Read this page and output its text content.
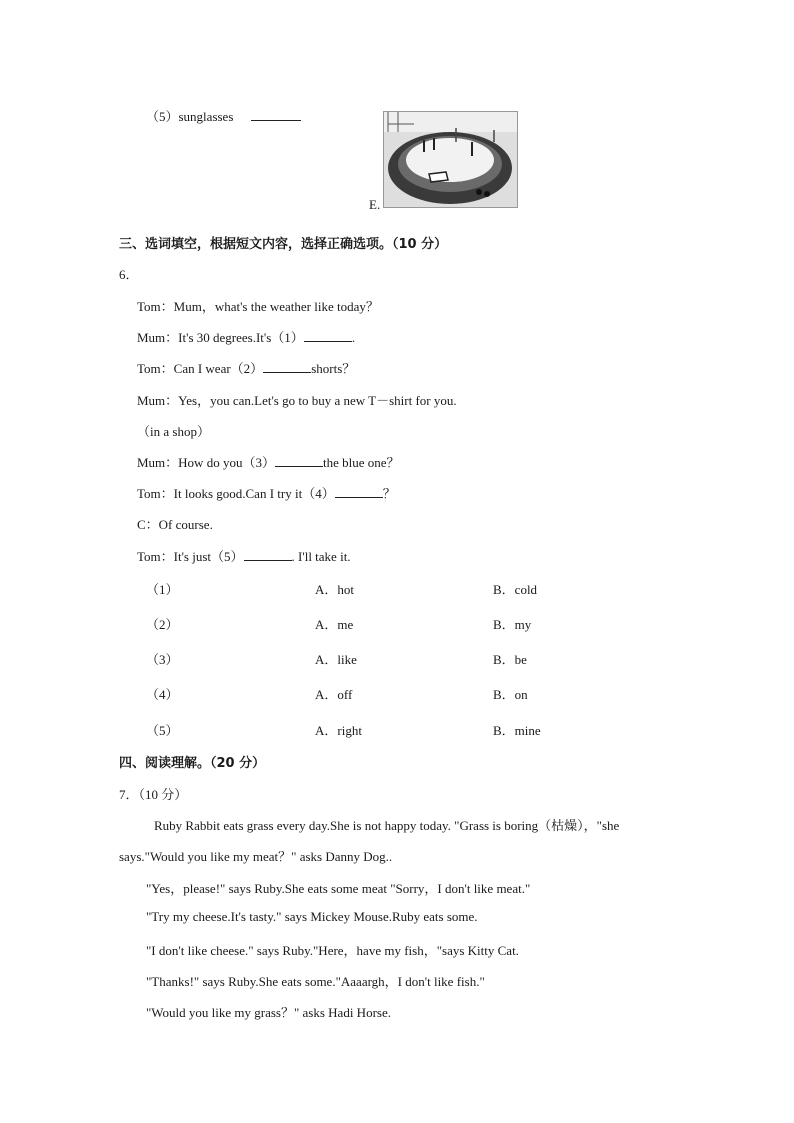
（5）sunglasses
E.
三、选词填空，根据短文内容，选择正确选项。（10 分）
6．
Tom：Mum，what's the weather like today？
Mum：It's 30 degrees.It's（1）	.
Tom：Can I wear（2）	shorts？
Mum：Yes，you can.Let's go to buy a new T－shirt for you.
（in a shop）
Mum：How do you（3）	the blue one？
Tom：It looks good.Can I try it（4）	？
C：Of course.
Tom：It's just（5）	. I'll take it.
（1）	A．hot	B．cold
（2）	A．me	B．my
（3）	A．like	B．be
（4）	A．off	B．on
（5）	A．right	B．mine
四、阅读理解。（20 分）
7．（10 分）
Ruby Rabbit eats grass every day.She is not happy today. "Grass is boring（枯燥），"she
says."Would you like my meat？" asks Danny Dog..
"Yes，please!" says Ruby.She eats some meat "Sorry，I don't like meat."
"Try my cheese.It's tasty." says Mickey Mouse.Ruby eats some.
"I don't like cheese." says Ruby."Here，have my fish，"says Kitty Cat.
"Thanks!" says Ruby.She eats some."Aaaargh，I don't like fish."
"Would you like my grass？" asks Hadi Horse.
